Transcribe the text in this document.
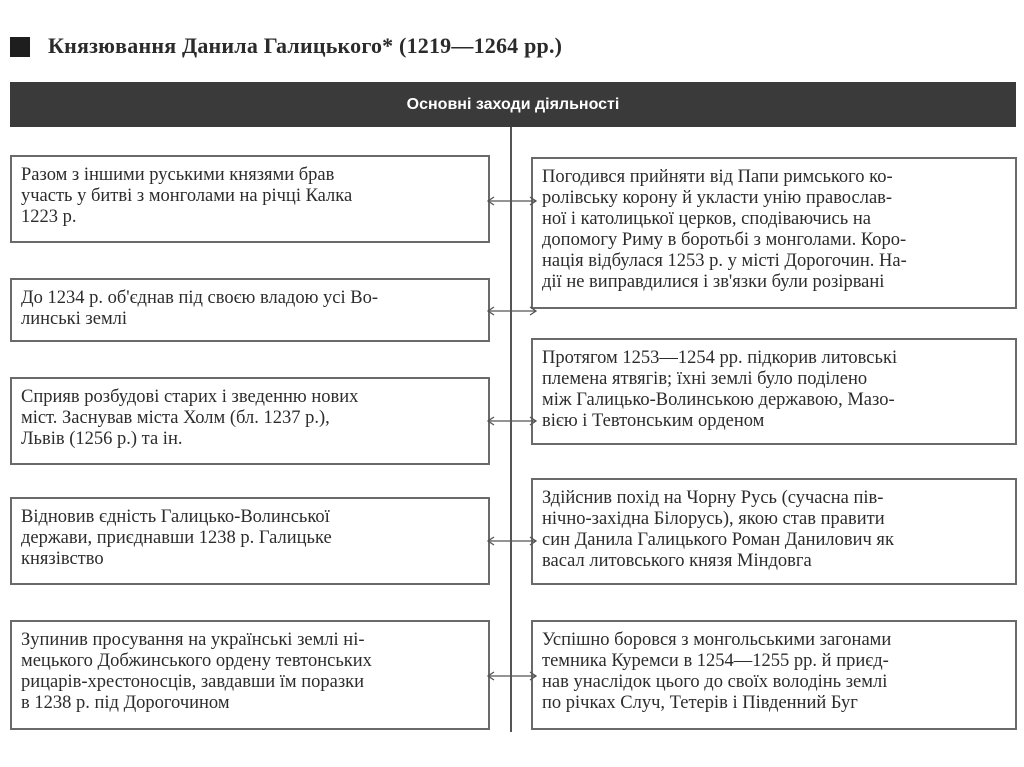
Князювання Данила Галицького* (1219—1264 рр.)
Основні заходи діяльності
Разом з іншими руськими князями брав
участь у битві з монголами на річці Калка
1223 р.
До 1234 р. об'єднав під своєю владою усі Во-
линські землі
Сприяв розбудові старих і зведенню нових
міст. Заснував міста Холм (бл. 1237 р.),
Львів (1256 р.) та ін.
Відновив єдність Галицько-Волинської
держави, приєднавши 1238 р. Галицьке
князівство
Зупинив просування на українські землі ні-
мецького Добжинського ордену тевтонських
рицарів-хрестоносців, завдавши їм поразки
в 1238 р. під Дорогочином
Погодився прийняти від Папи римського ко-
ролівську корону й укласти унію православ-
ної і католицької церков, сподіваючись на
допомогу Риму в боротьбі з монголами. Коро-
нація відбулася 1253 р. у місті Дорогочин. На-
дії не виправдилися і зв'язки були розірвані
Протягом 1253—1254 рр. підкорив литовські
племена ятвягів; їхні землі було поділено
між Галицько-Волинською державою, Мазо-
вією і Тевтонським орденом
Здійснив похід на Чорну Русь (сучасна пів-
нічно-західна Білорусь), якою став правити
син Данила Галицького Роман Данилович як
васал литовського князя Міндовга
Успішно боровся з монгольськими загонами
темника Куремси в 1254—1255 рр. й приєд-
нав унаслідок цього до своїх володінь землі
по річках Случ, Тетерів і Південний Буг
